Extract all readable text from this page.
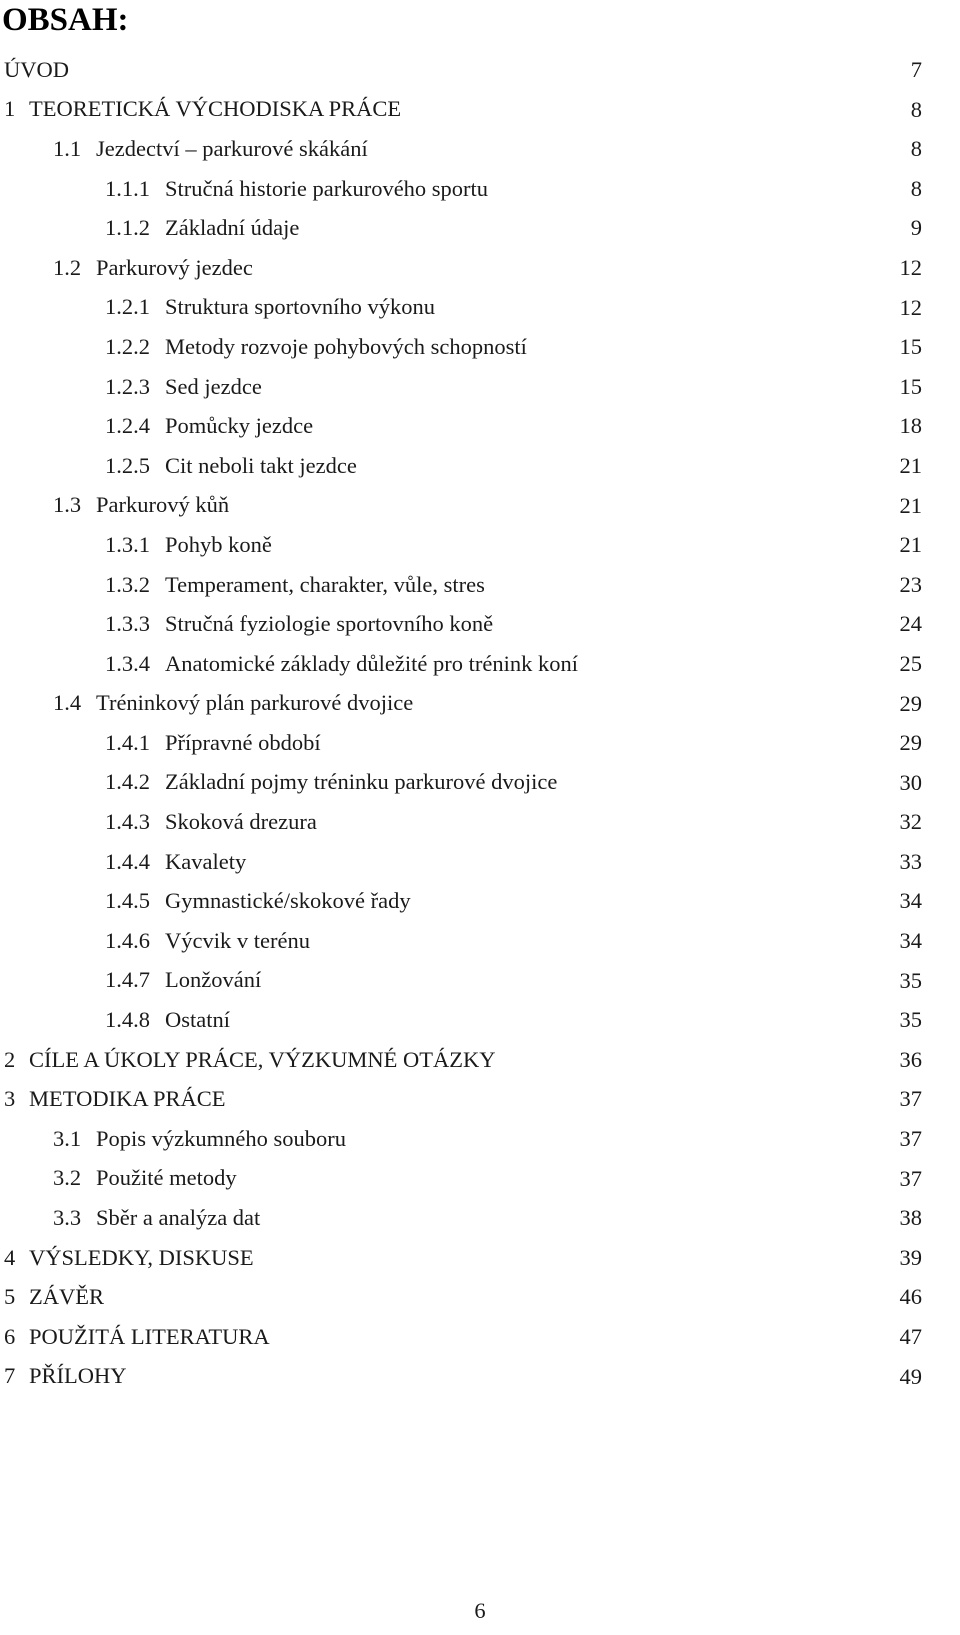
OBSAH:
ÚVOD	7
1 TEORETICKÁ VÝCHODISKA PRÁCE	8
1.1 Jezdectví – parkurové skákání	8
1.1.1 Stručná historie parkurového sportu	8
1.1.2 Základní údaje	9
1.2 Parkurový jezdec	12
1.2.1 Struktura sportovního výkonu	12
1.2.2 Metody rozvoje pohybových schopností	15
1.2.3 Sed jezdce	15
1.2.4 Pomůcky jezdce	18
1.2.5 Cit neboli takt jezdce	21
1.3 Parkurový kůň	21
1.3.1 Pohyb koně	21
1.3.2 Temperament, charakter, vůle, stres	23
1.3.3 Stručná fyziologie sportovního koně	24
1.3.4 Anatomické základy důležité pro trénink koní	25
1.4 Tréninkový plán parkurové dvojice	29
1.4.1 Přípravné období	29
1.4.2 Základní pojmy tréninku parkurové dvojice	30
1.4.3 Skoková drezura	32
1.4.4 Kavalety	33
1.4.5 Gymnastické/skokové řady	34
1.4.6 Výcvik v terénu	34
1.4.7 Lonžování	35
1.4.8 Ostatní	35
2 CÍLE A ÚKOLY PRÁCE, VÝZKUMNÉ OTÁZKY	36
3 METODIKA PRÁCE	37
3.1 Popis výzkumného souboru	37
3.2 Použité metody	37
3.3 Sběr a analýza dat	38
4 VÝSLEDKY, DISKUSE	39
5 ZÁVĚR	46
6 POUŽITÁ LITERATURA	47
7 PŘÍLOHY	49
6
